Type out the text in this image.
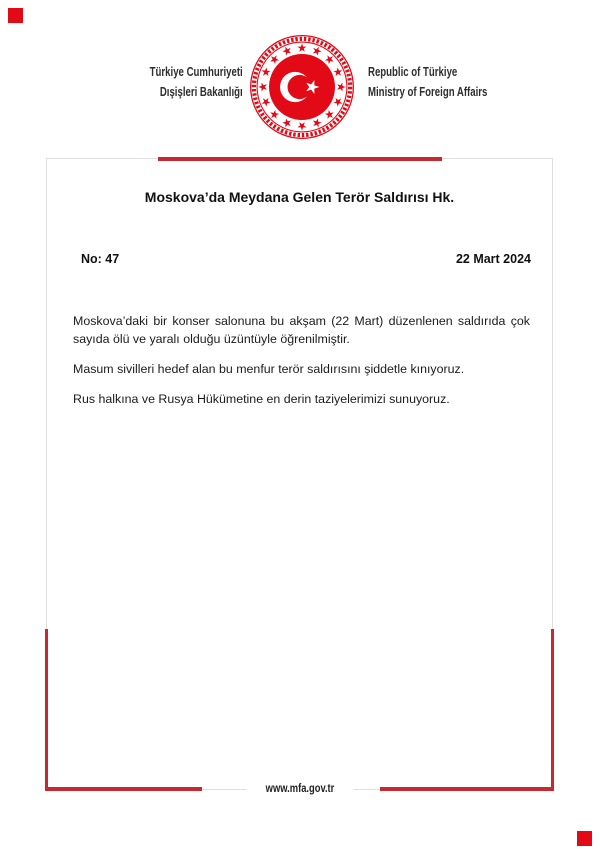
Türkiye Cumhuriyeti
Dışişleri Bakanlığı
Republic of Türkiye
Ministry of Foreign Affairs
Moskova’da Meydana Gelen Terör Saldırısı Hk.
No: 47	22 Mart 2024

Moskova’daki bir konser salonuna bu akşam (22 Mart) düzenlenen saldırıda çok sayıda ölü ve yaralı olduğu üzüntüyle öğrenilmiştir.

Masum sivilleri hedef alan bu menfur terör saldırısını şiddetle kınıyoruz.

Rus halkına ve Rusya Hükümetine en derin taziyelerimizi sunuyoruz.

www.mfa.gov.tr
